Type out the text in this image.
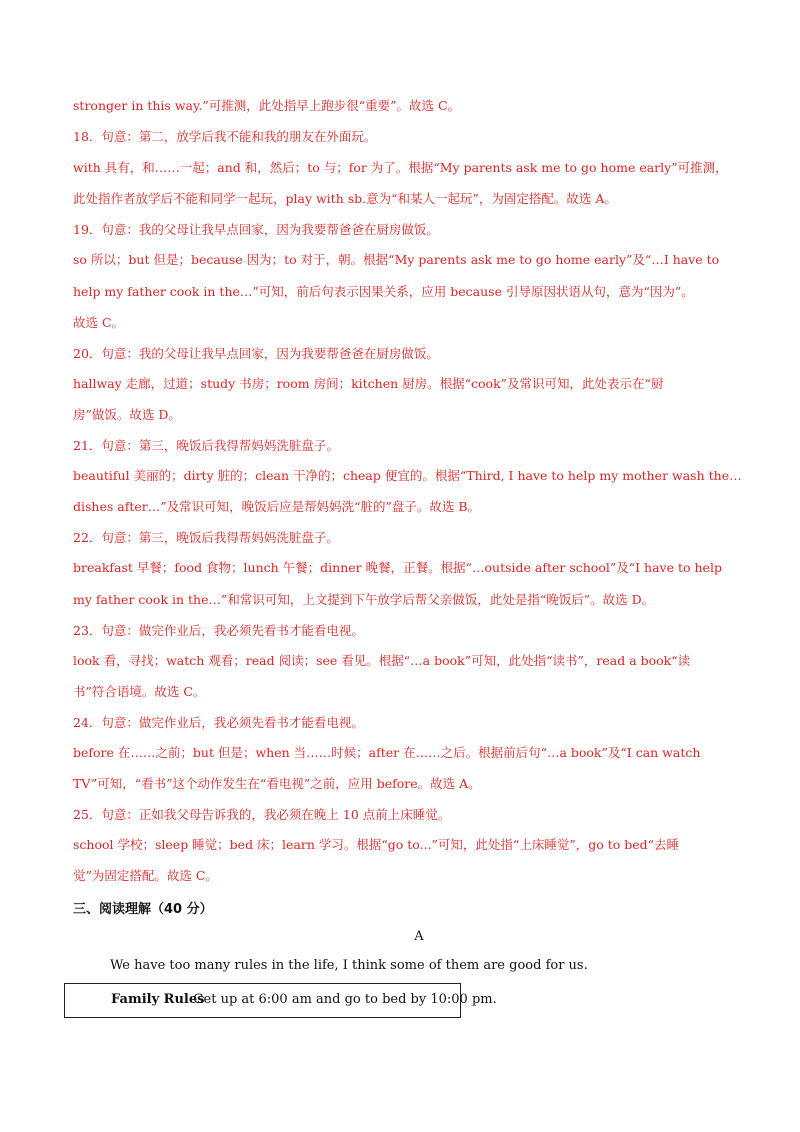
stronger in this way.”可推测，此处指早上跑步很“重要”。故选 C。
18．句意：第二，放学后我不能和我的朋友在外面玩。
with 具有，和……一起；and 和，然后；to 与；for 为了。根据“My parents ask me to go home early”可推测，
此处指作者放学后不能和同学一起玩，play with sb.意为“和某人一起玩”，为固定搭配。故选 A。
19．句意：我的父母让我早点回家，因为我要帮爸爸在厨房做饭。
so 所以；but 但是；because 因为；to 对于，朝。根据“My parents ask me to go home early”及“…I have to
help my father cook in the…”可知，前后句表示因果关系，应用 because 引导原因状语从句，意为“因为”。
故选 C。
20．句意：我的父母让我早点回家，因为我要帮爸爸在厨房做饭。
hallway 走廊，过道；study 书房；room 房间；kitchen 厨房。根据“cook”及常识可知，此处表示在“厨
房”做饭。故选 D。
21．句意：第三，晚饭后我得帮妈妈洗脏盘子。
beautiful 美丽的；dirty 脏的；clean 干净的；cheap 便宜的。根据“Third, I have to help my mother wash the…
dishes after…”及常识可知，晚饭后应是帮妈妈洗“脏的”盘子。故选 B。
22．句意：第三，晚饭后我得帮妈妈洗脏盘子。
breakfast 早餐；food 食物；lunch 午餐；dinner 晚餐，正餐。根据“…outside after school”及“I have to help
my father cook in the…”和常识可知，上文提到下午放学后帮父亲做饭，此处是指“晚饭后”。故选 D。
23．句意：做完作业后，我必须先看书才能看电视。
look 看，寻找；watch 观看；read 阅读；see 看见。根据“…a book”可知，此处指“读书”，read a book“读
书”符合语境。故选 C。
24．句意：做完作业后，我必须先看书才能看电视。
before 在……之前；but 但是；when 当……时候；after 在……之后。根据前后句“…a book”及“I can watch
TV”可知，“看书”这个动作发生在“看电视”之前，应用 before。故选 A。
25．句意：正如我父母告诉我的，我必须在晚上 10 点前上床睡觉。
school 学校；sleep 睡觉；bed 床；learn 学习。根据“go to...”可知，此处指“上床睡觉”，go to bed“去睡
觉”为固定搭配。故选 C。
三、阅读理解（40 分）
A
We have too many rules in the life, I think some of them are good for us.
Family Rules
·Get up at 6:00 am and go to bed by 10:00 pm.
